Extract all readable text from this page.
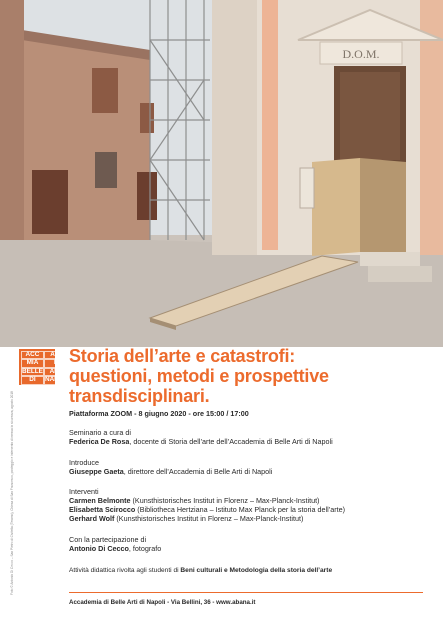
D.O.M.
Foto © Antonio Di Cecco – San Pietro di Civitella (Teramo), Chiesa di San Francesco, ponteggio e intervento di messa in sicurezza, agosto 2018
ACC	ADE
MIA	DI
BELLE	ARTI
DI	NAPOLI
Storia dell’arte e catastrofi:
questioni, metodi e prospettive transdisciplinari.
Piattaforma ZOOM - 8 giugno 2020 - ore 15:00 / 17:00
Seminario a cura di
Federica De Rosa, docente di Storia dell’arte dell’Accademia di Belle Arti di Napoli
Introduce
Giuseppe Gaeta, direttore dell’Accademia di Belle Arti di Napoli
Interventi
Carmen Belmonte (Kunsthistorisches Institut in Florenz – Max-Planck-Institut)
Elisabetta Scirocco (Bibliotheca Hertziana – Istituto Max Planck per la storia dell’arte)
Gerhard Wolf (Kunsthistorisches Institut in Florenz – Max-Planck-Institut)
Con la partecipazione di
Antonio Di Cecco, fotografo
Attività didattica rivolta agli studenti di Beni culturali e Metodologia della storia dell’arte
Accademia di Belle Arti di Napoli - Via Bellini, 36 - www.abana.it
